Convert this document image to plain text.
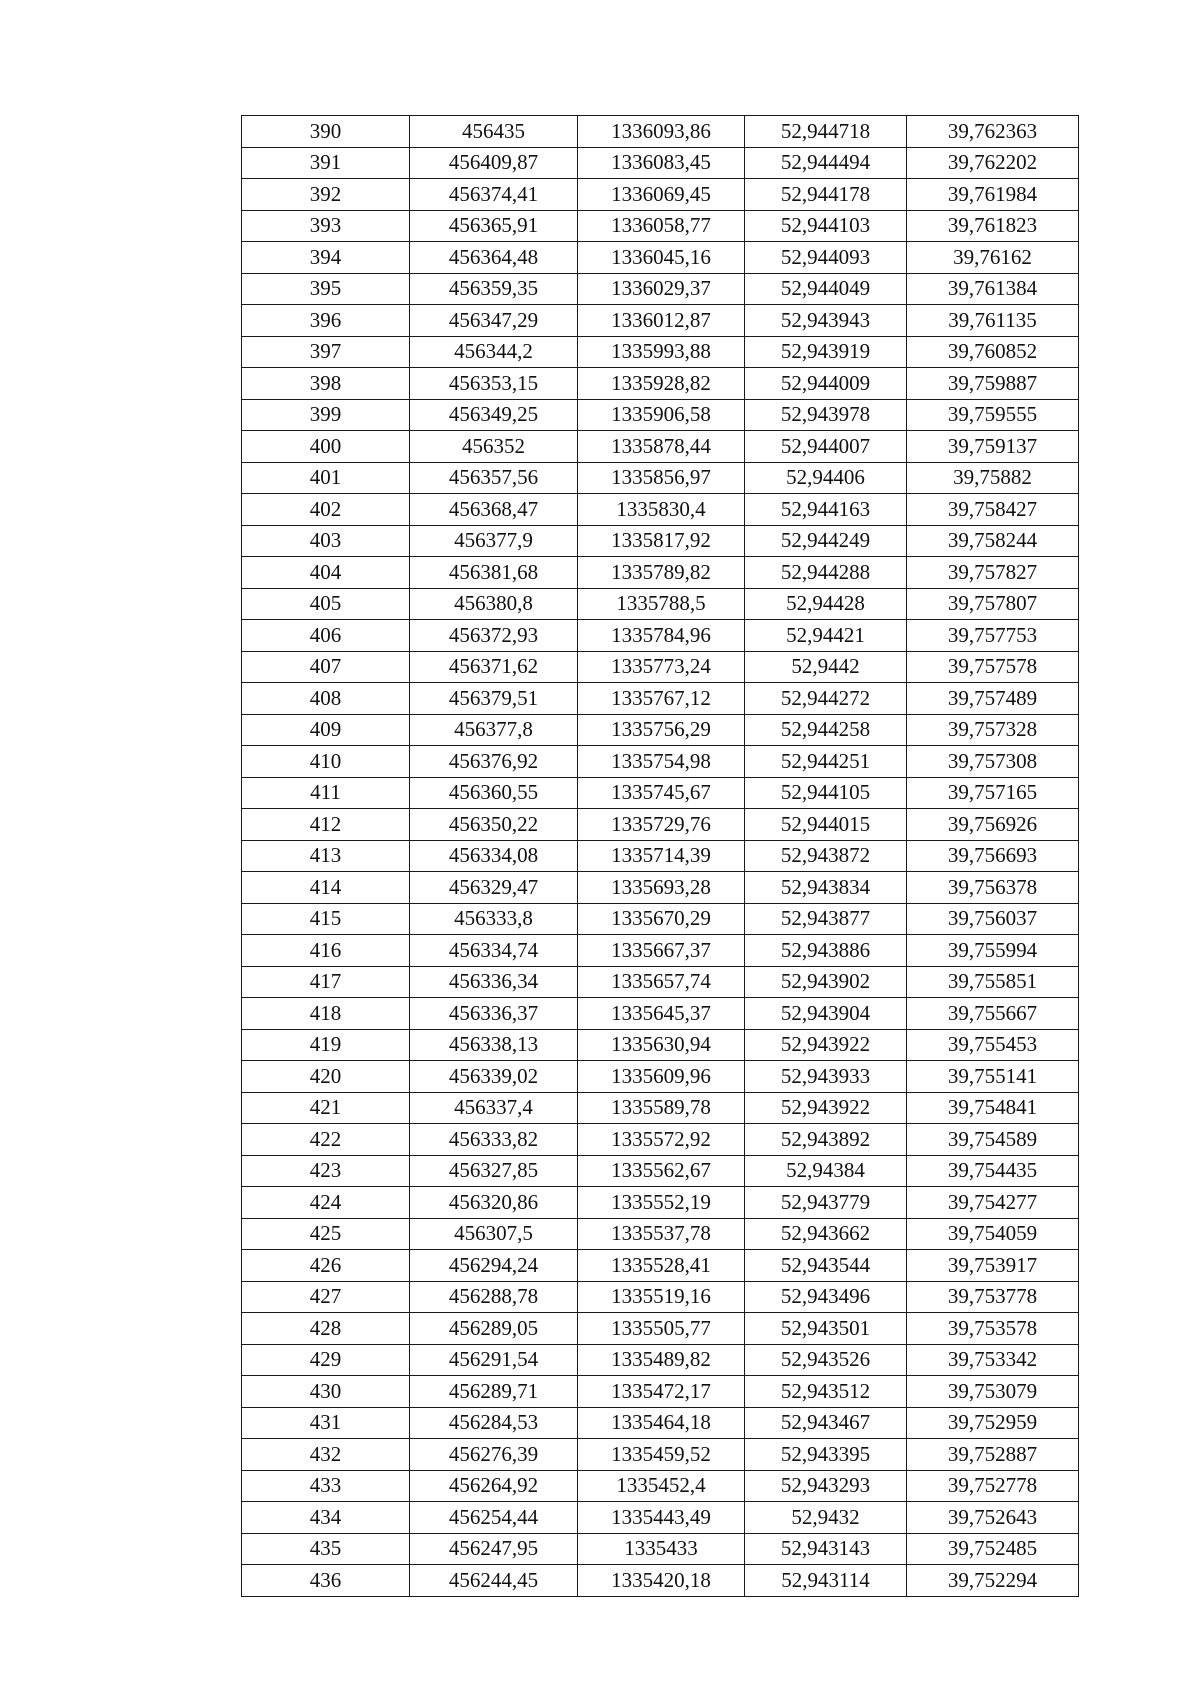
390	456435	1336093,86	52,944718	39,762363
391	456409,87	1336083,45	52,944494	39,762202
392	456374,41	1336069,45	52,944178	39,761984
393	456365,91	1336058,77	52,944103	39,761823
394	456364,48	1336045,16	52,944093	39,76162
395	456359,35	1336029,37	52,944049	39,761384
396	456347,29	1336012,87	52,943943	39,761135
397	456344,2	1335993,88	52,943919	39,760852
398	456353,15	1335928,82	52,944009	39,759887
399	456349,25	1335906,58	52,943978	39,759555
400	456352	1335878,44	52,944007	39,759137
401	456357,56	1335856,97	52,94406	39,75882
402	456368,47	1335830,4	52,944163	39,758427
403	456377,9	1335817,92	52,944249	39,758244
404	456381,68	1335789,82	52,944288	39,757827
405	456380,8	1335788,5	52,94428	39,757807
406	456372,93	1335784,96	52,94421	39,757753
407	456371,62	1335773,24	52,9442	39,757578
408	456379,51	1335767,12	52,944272	39,757489
409	456377,8	1335756,29	52,944258	39,757328
410	456376,92	1335754,98	52,944251	39,757308
411	456360,55	1335745,67	52,944105	39,757165
412	456350,22	1335729,76	52,944015	39,756926
413	456334,08	1335714,39	52,943872	39,756693
414	456329,47	1335693,28	52,943834	39,756378
415	456333,8	1335670,29	52,943877	39,756037
416	456334,74	1335667,37	52,943886	39,755994
417	456336,34	1335657,74	52,943902	39,755851
418	456336,37	1335645,37	52,943904	39,755667
419	456338,13	1335630,94	52,943922	39,755453
420	456339,02	1335609,96	52,943933	39,755141
421	456337,4	1335589,78	52,943922	39,754841
422	456333,82	1335572,92	52,943892	39,754589
423	456327,85	1335562,67	52,94384	39,754435
424	456320,86	1335552,19	52,943779	39,754277
425	456307,5	1335537,78	52,943662	39,754059
426	456294,24	1335528,41	52,943544	39,753917
427	456288,78	1335519,16	52,943496	39,753778
428	456289,05	1335505,77	52,943501	39,753578
429	456291,54	1335489,82	52,943526	39,753342
430	456289,71	1335472,17	52,943512	39,753079
431	456284,53	1335464,18	52,943467	39,752959
432	456276,39	1335459,52	52,943395	39,752887
433	456264,92	1335452,4	52,943293	39,752778
434	456254,44	1335443,49	52,9432	39,752643
435	456247,95	1335433	52,943143	39,752485
436	456244,45	1335420,18	52,943114	39,752294
